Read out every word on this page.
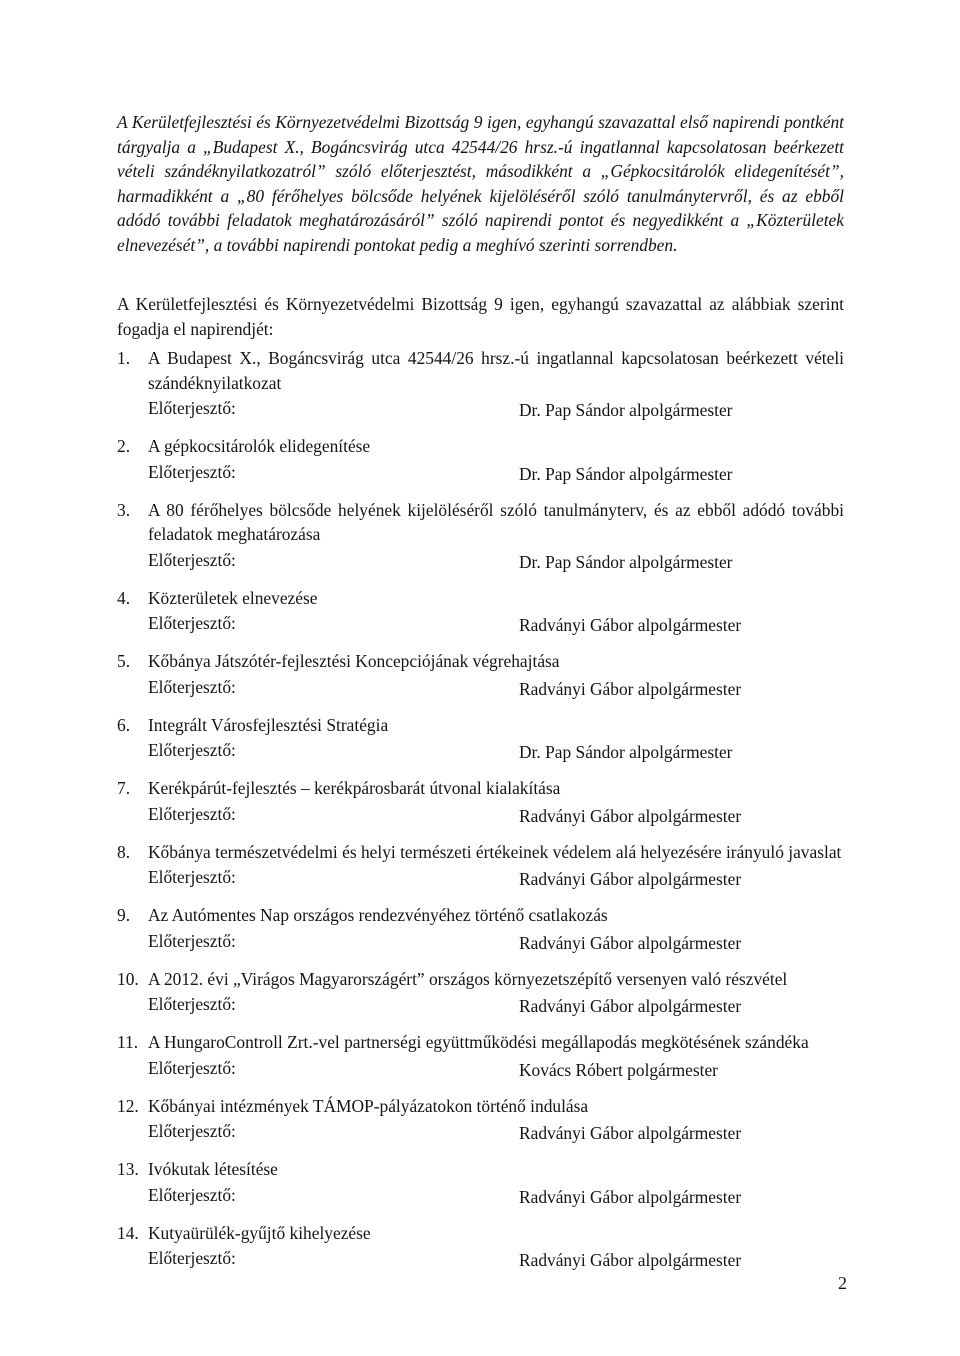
A Kerületfejlesztési és Környezetvédelmi Bizottság 9 igen, egyhangú szavazattal első napirendi pontként tárgyalja a „Budapest X., Bogáncsvirág utca 42544/26 hrsz.-ú ingatlannal kapcsolatosan beérkezett vételi szándéknyilatkozatról” szóló előterjesztést, másodikként a „Gépkocsitárolók elidegenítését”, harmadikként a „80 férőhelyes bölcsőde helyének kijelöléséről szóló tanulmánytervről, és az ebből adódó további feladatok meghatározásáról” szóló napirendi pontot és negyedikként a „Közterületek elnevezését”, a további napirendi pontokat pedig a meghívó szerinti sorrendben.

A Kerületfejlesztési és Környezetvédelmi Bizottság 9 igen, egyhangú szavazattal az alábbiak szerint fogadja el napirendjét:

1. A Budapest X., Bogáncsvirág utca 42544/26 hrsz.-ú ingatlannal kapcsolatosan beérkezett vételi szándéknyilatkozat
Előterjesztő:	Dr. Pap Sándor alpolgármester
2. A gépkocsitárolók elidegenítése
Előterjesztő:	Dr. Pap Sándor alpolgármester
3. A 80 férőhelyes bölcsőde helyének kijelöléséről szóló tanulmányterv, és az ebből adódó további feladatok meghatározása
Előterjesztő:	Dr. Pap Sándor alpolgármester
4. Közterületek elnevezése
Előterjesztő:	Radványi Gábor alpolgármester
5. Kőbánya Játszótér-fejlesztési Koncepciójának végrehajtása
Előterjesztő:	Radványi Gábor alpolgármester
6. Integrált Városfejlesztési Stratégia
Előterjesztő:	Dr. Pap Sándor alpolgármester
7. Kerékpárút-fejlesztés – kerékpárosbarát útvonal kialakítása
Előterjesztő:	Radványi Gábor alpolgármester
8. Kőbánya természetvédelmi és helyi természeti értékeinek védelem alá helyezésére irányuló javaslat
Előterjesztő:	Radványi Gábor alpolgármester
9. Az Autómentes Nap országos rendezvényéhez történő csatlakozás
Előterjesztő:	Radványi Gábor alpolgármester
10. A 2012. évi „Virágos Magyarországért” országos környezetszépítő versenyen való részvétel
Előterjesztő:	Radványi Gábor alpolgármester
11. A HungaroControll Zrt.-vel partnerségi együttműködési megállapodás megkötésének szándéka
Előterjesztő:	Kovács Róbert polgármester
12. Kőbányai intézmények TÁMOP-pályázatokon történő indulása
Előterjesztő:	Radványi Gábor alpolgármester
13. Ivókutak létesítése
Előterjesztő:	Radványi Gábor alpolgármester
14. Kutyaürülék-gyűjtő kihelyezése
Előterjesztő:	Radványi Gábor alpolgármester

2
